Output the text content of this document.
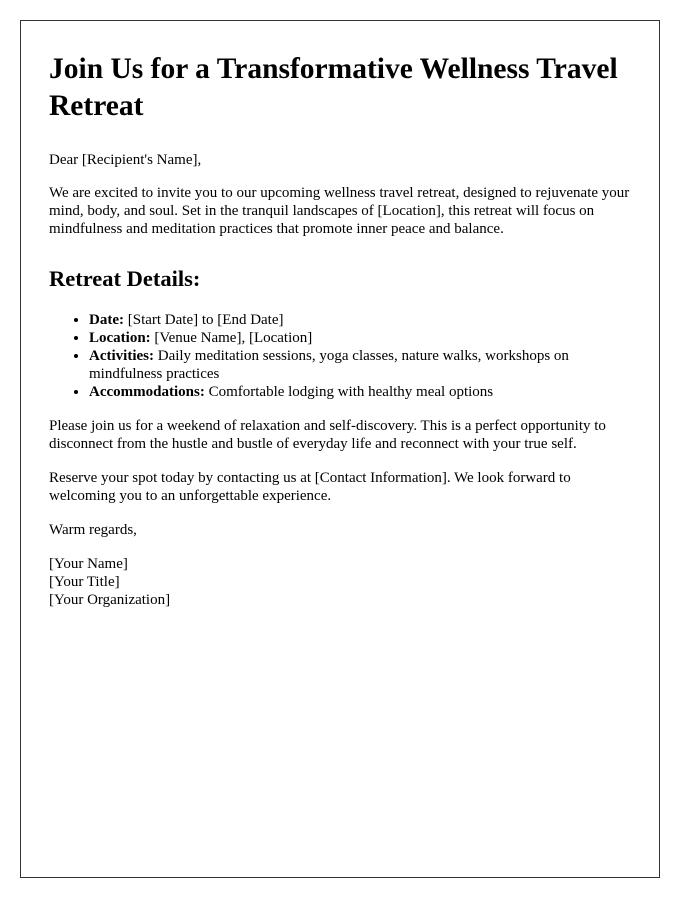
Join Us for a Transformative Wellness Travel Retreat

Dear [Recipient's Name],

We are excited to invite you to our upcoming wellness travel retreat, designed to rejuvenate your mind, body, and soul. Set in the tranquil landscapes of [Location], this retreat will focus on mindfulness and meditation practices that promote inner peace and balance.

Retreat Details:
• Date: [Start Date] to [End Date]
• Location: [Venue Name], [Location]
• Activities: Daily meditation sessions, yoga classes, nature walks, workshops on mindfulness practices
• Accommodations: Comfortable lodging with healthy meal options

Please join us for a weekend of relaxation and self-discovery. This is a perfect opportunity to disconnect from the hustle and bustle of everyday life and reconnect with your true self.

Reserve your spot today by contacting us at [Contact Information]. We look forward to welcoming you to an unforgettable experience.

Warm regards,

[Your Name]
[Your Title]
[Your Organization]
